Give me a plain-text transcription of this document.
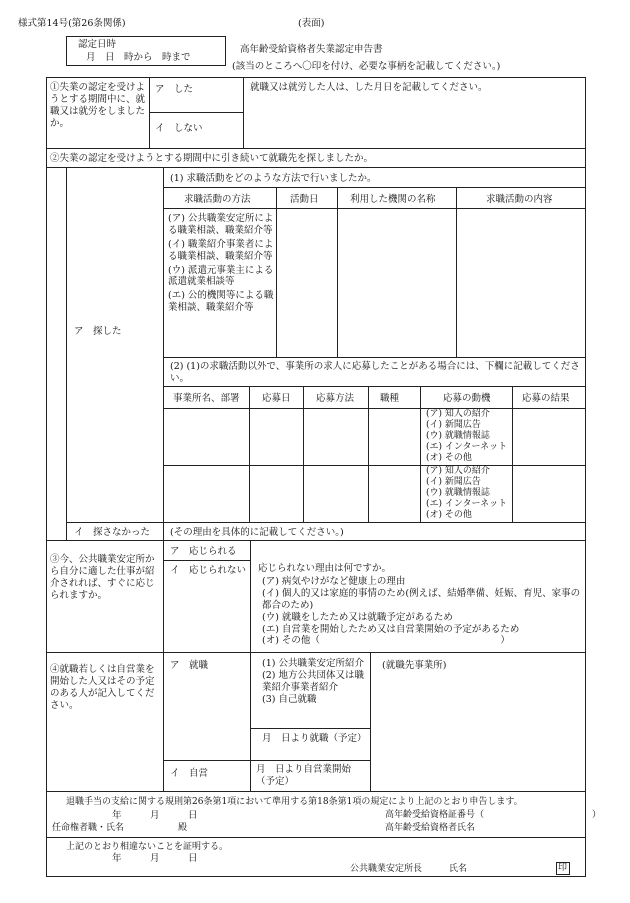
様式第14号(第26条関係)	(表面)
認定日時
月　日　時から　時まで
高年齢受給資格者失業認定申告書
(該当のところへ〇印を付け、必要な事柄を記載してください。)
①失業の認定を受けようとする期間中に、就職又は就労をしましたか。
ア　した
イ　しない
就職又は就労した人は、した月日を記載してください。
②失業の認定を受けようとする期間中に引き続いて就職先を探しましたか。
ア　探した
(1) 求職活動をどのような方法で行いましたか。
求職活動の方法	活動日	利用した機関の名称	求職活動の内容
(ア) 公共職業安定所による職業相談、職業紹介等
(イ) 職業紹介事業者による職業相談、職業紹介等
(ウ) 派遣元事業主による派遣就業相談等
(エ) 公的機関等による職業相談、職業紹介等
(2) (1)の求職活動以外で、事業所の求人に応募したことがある場合には、下欄に記載してください。
事業所名、部署 応募日	応募方法	職種	応募の動機	応募の結果
(ア) 知人の紹介
(イ) 新聞広告
(ウ) 就職情報誌
(エ) インターネット
(オ) その他
(ア) 知人の紹介
(イ) 新聞広告
(ウ) 就職情報誌
(エ) インターネット
(オ) その他
イ　探さなかった (その理由を具体的に記載してください。)
③今、公共職業安定所から自分に適した仕事が紹介されれば、すぐに応じられますか。
ア　応じられる
イ　応じられない 応じられない理由は何ですか。
(ア) 病気やけがなど健康上の理由
(イ) 個人的又は家庭的事情のため(例えば、結婚準備、妊娠、育児、家事の都合のため)
(ウ) 就職をしたため又は就職予定があるため
(エ) 自営業を開始したため又は自営業開始の予定があるため
(オ) その他（　　　　　　　　　　　　　　　　　　　）
④就職若しくは自営業を開始した人又はその予定のある人が記入してください。
ア　就職	(1) 公共職業安定所紹介
(2) 地方公共団体又は職業紹介事業者紹介
(3) 自己就職
(就職先事業所)
月　日より就職（予定）
イ　自営	月　日より自営業開始（予定）
退職手当の支給に関する規則第26条第1項において準用する第18条第1項の規定により上記のとおり申告します。
年　　　月　　　日	高年齢受給資格証番号（　　　　　　　　　　　　）
任命権者職・氏名　　　　　　殿	高年齢受給資格者氏名
上記のとおり相違ないことを証明する。
年　　　月　　　日
公共職業安定所長　　　氏名	印
